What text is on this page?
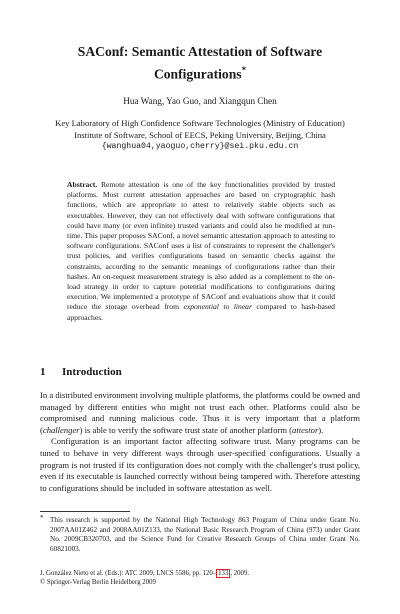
SAConf: Semantic Attestation of Software
Configurations*
Hua Wang, Yao Guo, and Xiangqun Chen
Key Laboratory of High Confidence Software Technologies (Ministry of Education)
Institute of Software, School of EECS, Peking University, Beijing, China
{wanghua04,yaoguo,cherry}@sei.pku.edu.cn

Abstract. Remote attestation is one of the key functionalities provided by trusted platforms. Most current attestation approaches are based on cryptographic hash functions, which are appropriate to attest to relatively stable objects such as executables. However, they can not effectively deal with software configurations that could have many (or even infinite) trusted variants and could also be modified at run-time. This paper proposes SAConf, a novel semantic attestation approach to attesting to software configurations. SAConf uses a list of constraints to represent the challenger's trust policies, and verifies configurations based on semantic checks against the constraints, according to the semantic meanings of configurations rather than their hashes. An on-request measurement strategy is also added as a complement to the on-load strategy in order to capture potential modifications to configurations during execution. We implemented a prototype of SAConf and evaluations show that it could reduce the storage overhead from exponential to linear compared to hash-based approaches.

1 Introduction

In a distributed environment involving multiple platforms, the platforms could be owned and managed by different entities who might not trust each other. Platforms could also be compromised and running malicious code. Thus it is very important that a platform (challenger) is able to verify the software trust state of another platform (attestor).

Configuration is an important factor affecting software trust. Many programs can be tuned to behave in very different ways through user-specified configurations. Usually a program is not trusted if its configuration does not comply with the challenger's trust policy, even if its executable is launched correctly without being tampered with. Therefore attesting to configurations should be included in software attestation as well.

* This research is supported by the National High Technology 863 Program of China under Grant No. 2007AA01Z462 and 2008AA01Z133, the National Basic Research Program of China (973) under Grant No. 2009CB320703, and the Science Fund for Creative Research Groups of China under Grant No. 60821003.
J. González Nieto et al. (Eds.): ATC 2009, LNCS 5586, pp. 120– 133 , 2009.
© Springer-Verlag Berlin Heidelberg 2009
